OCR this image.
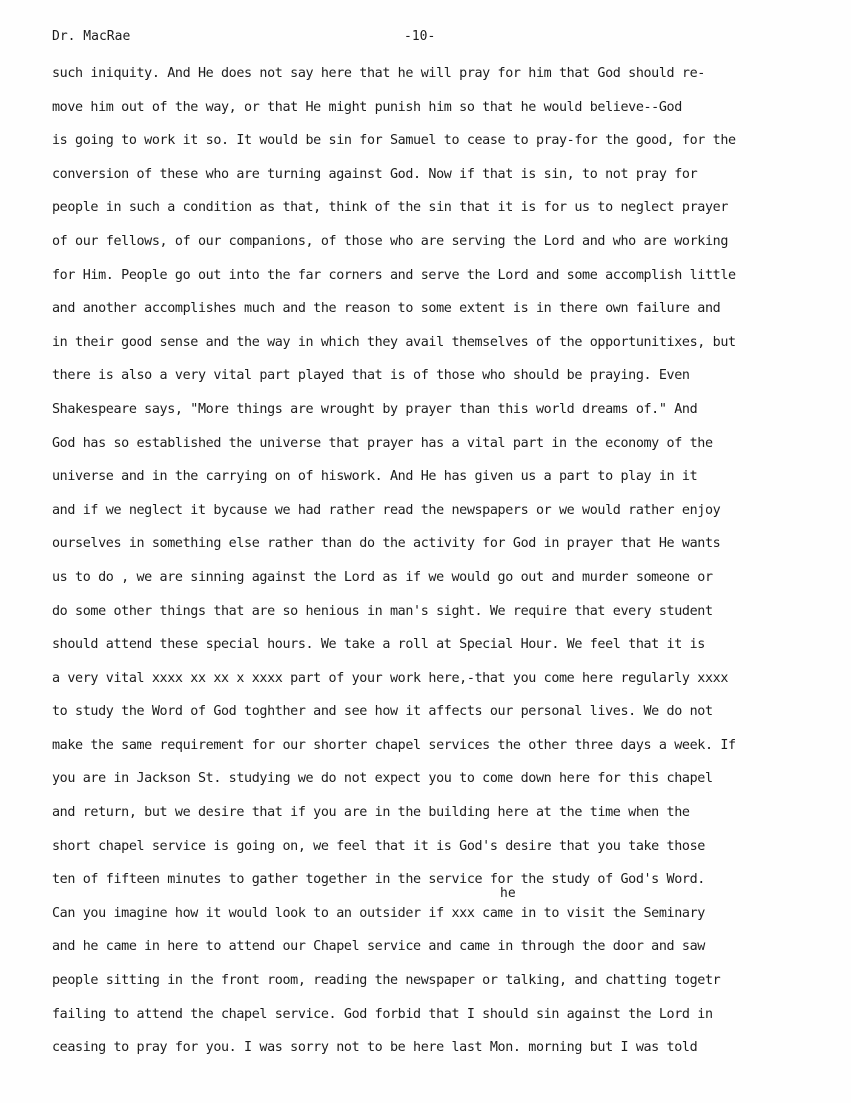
Dr. MacRae	-10-
such iniquity. And He does not say here that he will pray for him that God should re-
move him out of the way, or that He might punish him so that he would believe--God
is going to work it so. It would be sin for Samuel to cease to pray-for the good, for the
conversion of these who are turning against God. Now if that is sin, to not pray for
people in such a condition as that, think of the sin that it is for us to neglect prayer
of our fellows, of our companions, of those who are serving the Lord and who are working
for Him. People go out into the far corners and serve the Lord and some accomplish little
and another accomplishes much and the reason to some extent is in there own failure and
in their good sense and the way in which they avail themselves of the opportunitixes, but
there is also a very vital part played that is of those who should be praying. Even
Shakespeare says, "More things are wrought by prayer than this world dreams of." And
God has so established the universe that prayer has a vital part in the economy of the
universe and in the carrying on of hiswork. And He has given us a part to play in it
and if we neglect it bycause we had rather read the newspapers or we would rather enjoy
ourselves in something else rather than do the activity for God in prayer that He wants
us to do , we are sinning against the Lord as if we would go out and murder someone or
do some other things that are so henious in man's sight. We require that every student
should attend these special hours. We take a roll at Special Hour. We feel that it is
a very vital xxxx xx xx x xxxx part of your work here,-that you come here regularly xxxx
to study the Word of God toghther and see how it affects our personal lives. We do not
make the same requirement for our shorter chapel services the other three days a week. If
you are in Jackson St. studying we do not expect you to come down here for this chapel
and return, but we desire that if you are in the building here at the time when the
short chapel service is going on, we feel that it is God's desire that you take those
ten of fifteen minutes to gather together in the service for the study of God's Word.
Can you imagine how it would look to an outsider if xxx came in to visit the Seminary
and he came in here to attend our Chapel service and came in through the door and saw
people sitting in the front room, reading the newspaper or talking, and chatting togetr
failing to attend the chapel service. God forbid that I should sin against the Lord in
ceasing to pray for you. I was sorry not to be here last Mon. morning but I was told
he
